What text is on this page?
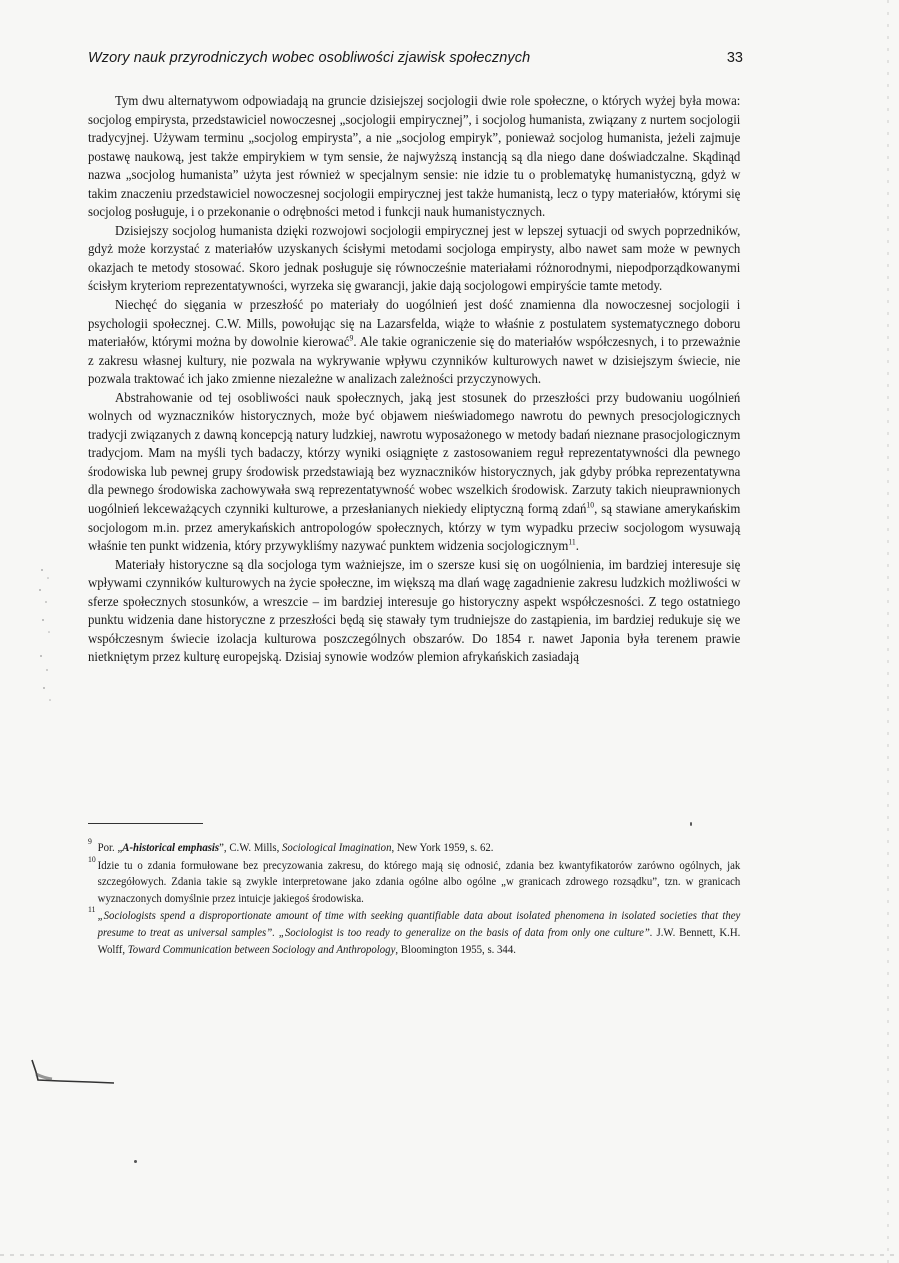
Wzory nauk przyrodniczych wobec osobliwości zjawisk społecznych	33

Tym dwu alternatywom odpowiadają na gruncie dzisiejszej socjologii dwie role społeczne, o których wyżej była mowa: socjolog empirysta, przedstawiciel nowoczesnej „socjologii empirycznej”, i socjolog humanista, związany z nurtem socjologii tradycyjnej. Używam terminu „socjolog empirysta”, a nie „socjolog empiryk”, ponieważ socjolog humanista, jeżeli zajmuje postawę naukową, jest także empirykiem w tym sensie, że najwyższą instancją są dla niego dane doświadczalne. Skądinąd nazwa „socjolog humanista” użyta jest również w specjalnym sensie: nie idzie tu o problematykę humanistyczną, gdyż w takim znaczeniu przedstawiciel nowoczesnej socjologii empirycznej jest także humanistą, lecz o typy materiałów, którymi się socjolog posługuje, i o przekonanie o odrębności metod i funkcji nauk humanistycznych.

Dzisiejszy socjolog humanista dzięki rozwojowi socjologii empirycznej jest w lepszej sytuacji od swych poprzedników, gdyż może korzystać z materiałów uzyskanych ścisłymi metodami socjologa empirysty, albo nawet sam może w pewnych okazjach te metody stosować. Skoro jednak posługuje się równocześnie materiałami różnorodnymi, niepodporządkowanymi ścisłym kryteriom reprezentatywności, wyrzeka się gwarancji, jakie dają socjologowi empiryście tamte metody.

Niechęć do sięgania w przeszłość po materiały do uogólnień jest dość znamienna dla nowoczesnej socjologii i psychologii społecznej. C.W. Mills, powołując się na Lazarsfelda, wiąże to właśnie z postulatem systematycznego doboru materiałów, którymi można by dowolnie kierować$^9$. Ale takie ograniczenie się do materiałów współczesnych, i to przeważnie z zakresu własnej kultury, nie pozwala na wykrywanie wpływu czynników kulturowych nawet w dzisiejszym świecie, nie pozwala traktować ich jako zmienne niezależne w analizach zależności przyczynowych.

Abstrahowanie od tej osobliwości nauk społecznych, jaką jest stosunek do przeszłości przy budowaniu uogólnień wolnych od wyznaczników historycznych, może być objawem nieświadomego nawrotu do pewnych presocjologicznych tradycji związanych z dawną koncepcją natury ludzkiej, nawrotu wyposażonego w metody badań nieznane prasocjologicznym tradycjom. Mam na myśli tych badaczy, którzy wyniki osiągnięte z zastosowaniem reguł reprezentatywności dla pewnego środowiska lub pewnej grupy środowisk przedstawiają bez wyznaczników historycznych, jak gdyby próbka reprezentatywna dla pewnego środowiska zachowywała swą reprezentatywność wobec wszelkich środowisk. Zarzuty takich nieuprawnionych uogólnień lekceważących czynniki kulturowe, a przesłanianych niekiedy eliptyczną formą zdań$^{10}$, są stawiane amerykańskim socjologom m.in. przez amerykańskich antropologów społecznych, którzy w tym wypadku przeciw socjologom wysuwają właśnie ten punkt widzenia, który przywykliśmy nazywać punktem widzenia socjologicznym$^{11}$.

Materiały historyczne są dla socjologa tym ważniejsze, im o szersze kusi się on uogólnienia, im bardziej interesuje się wpływami czynników kulturowych na życie społeczne, im większą ma dlań wagę zagadnienie zakresu ludzkich możliwości w sferze społecznych stosunków, a wreszcie – im bardziej interesuje go historyczny aspekt współczesności. Z tego ostatniego punktu widzenia dane historyczne z przeszłości będą się stawały tym trudniejsze do zastąpienia, im bardziej redukuje się we współczesnym świecie izolacja kulturowa poszczególnych obszarów. Do 1854 r. nawet Japonia była terenem prawie nietkniętym przez kulturę europejską. Dzisiaj synowie wodzów plemion afrykańskich zasiadają

9
Por. „A-historical emphasis”, C.W. Mills, Sociological Imagination, New York 1959, s. 62.

10
Idzie tu o zdania formułowane bez precyzowania zakresu, do którego mają się odnosić, zdania bez kwantyfikatorów zarówno ogólnych, jak szczegółowych. Zdania takie są zwykle interpretowane jako zdania ogólne albo ogólne „w granicach zdrowego rozsądku”, tzn. w granicach wyznaczonych domyślnie przez intuicje jakiegoś środowiska.

11
„Sociologists spend a disproportionate amount of time with seeking quantifiable data about isolated phenomena in isolated societies that they presume to treat as universal samples”. „Sociologist is too ready to generalize on the basis of data from only one culture”. J.W. Bennett, K.H. Wolff, Toward Communication between Sociology and Anthropology, Bloomington 1955, s. 344.
